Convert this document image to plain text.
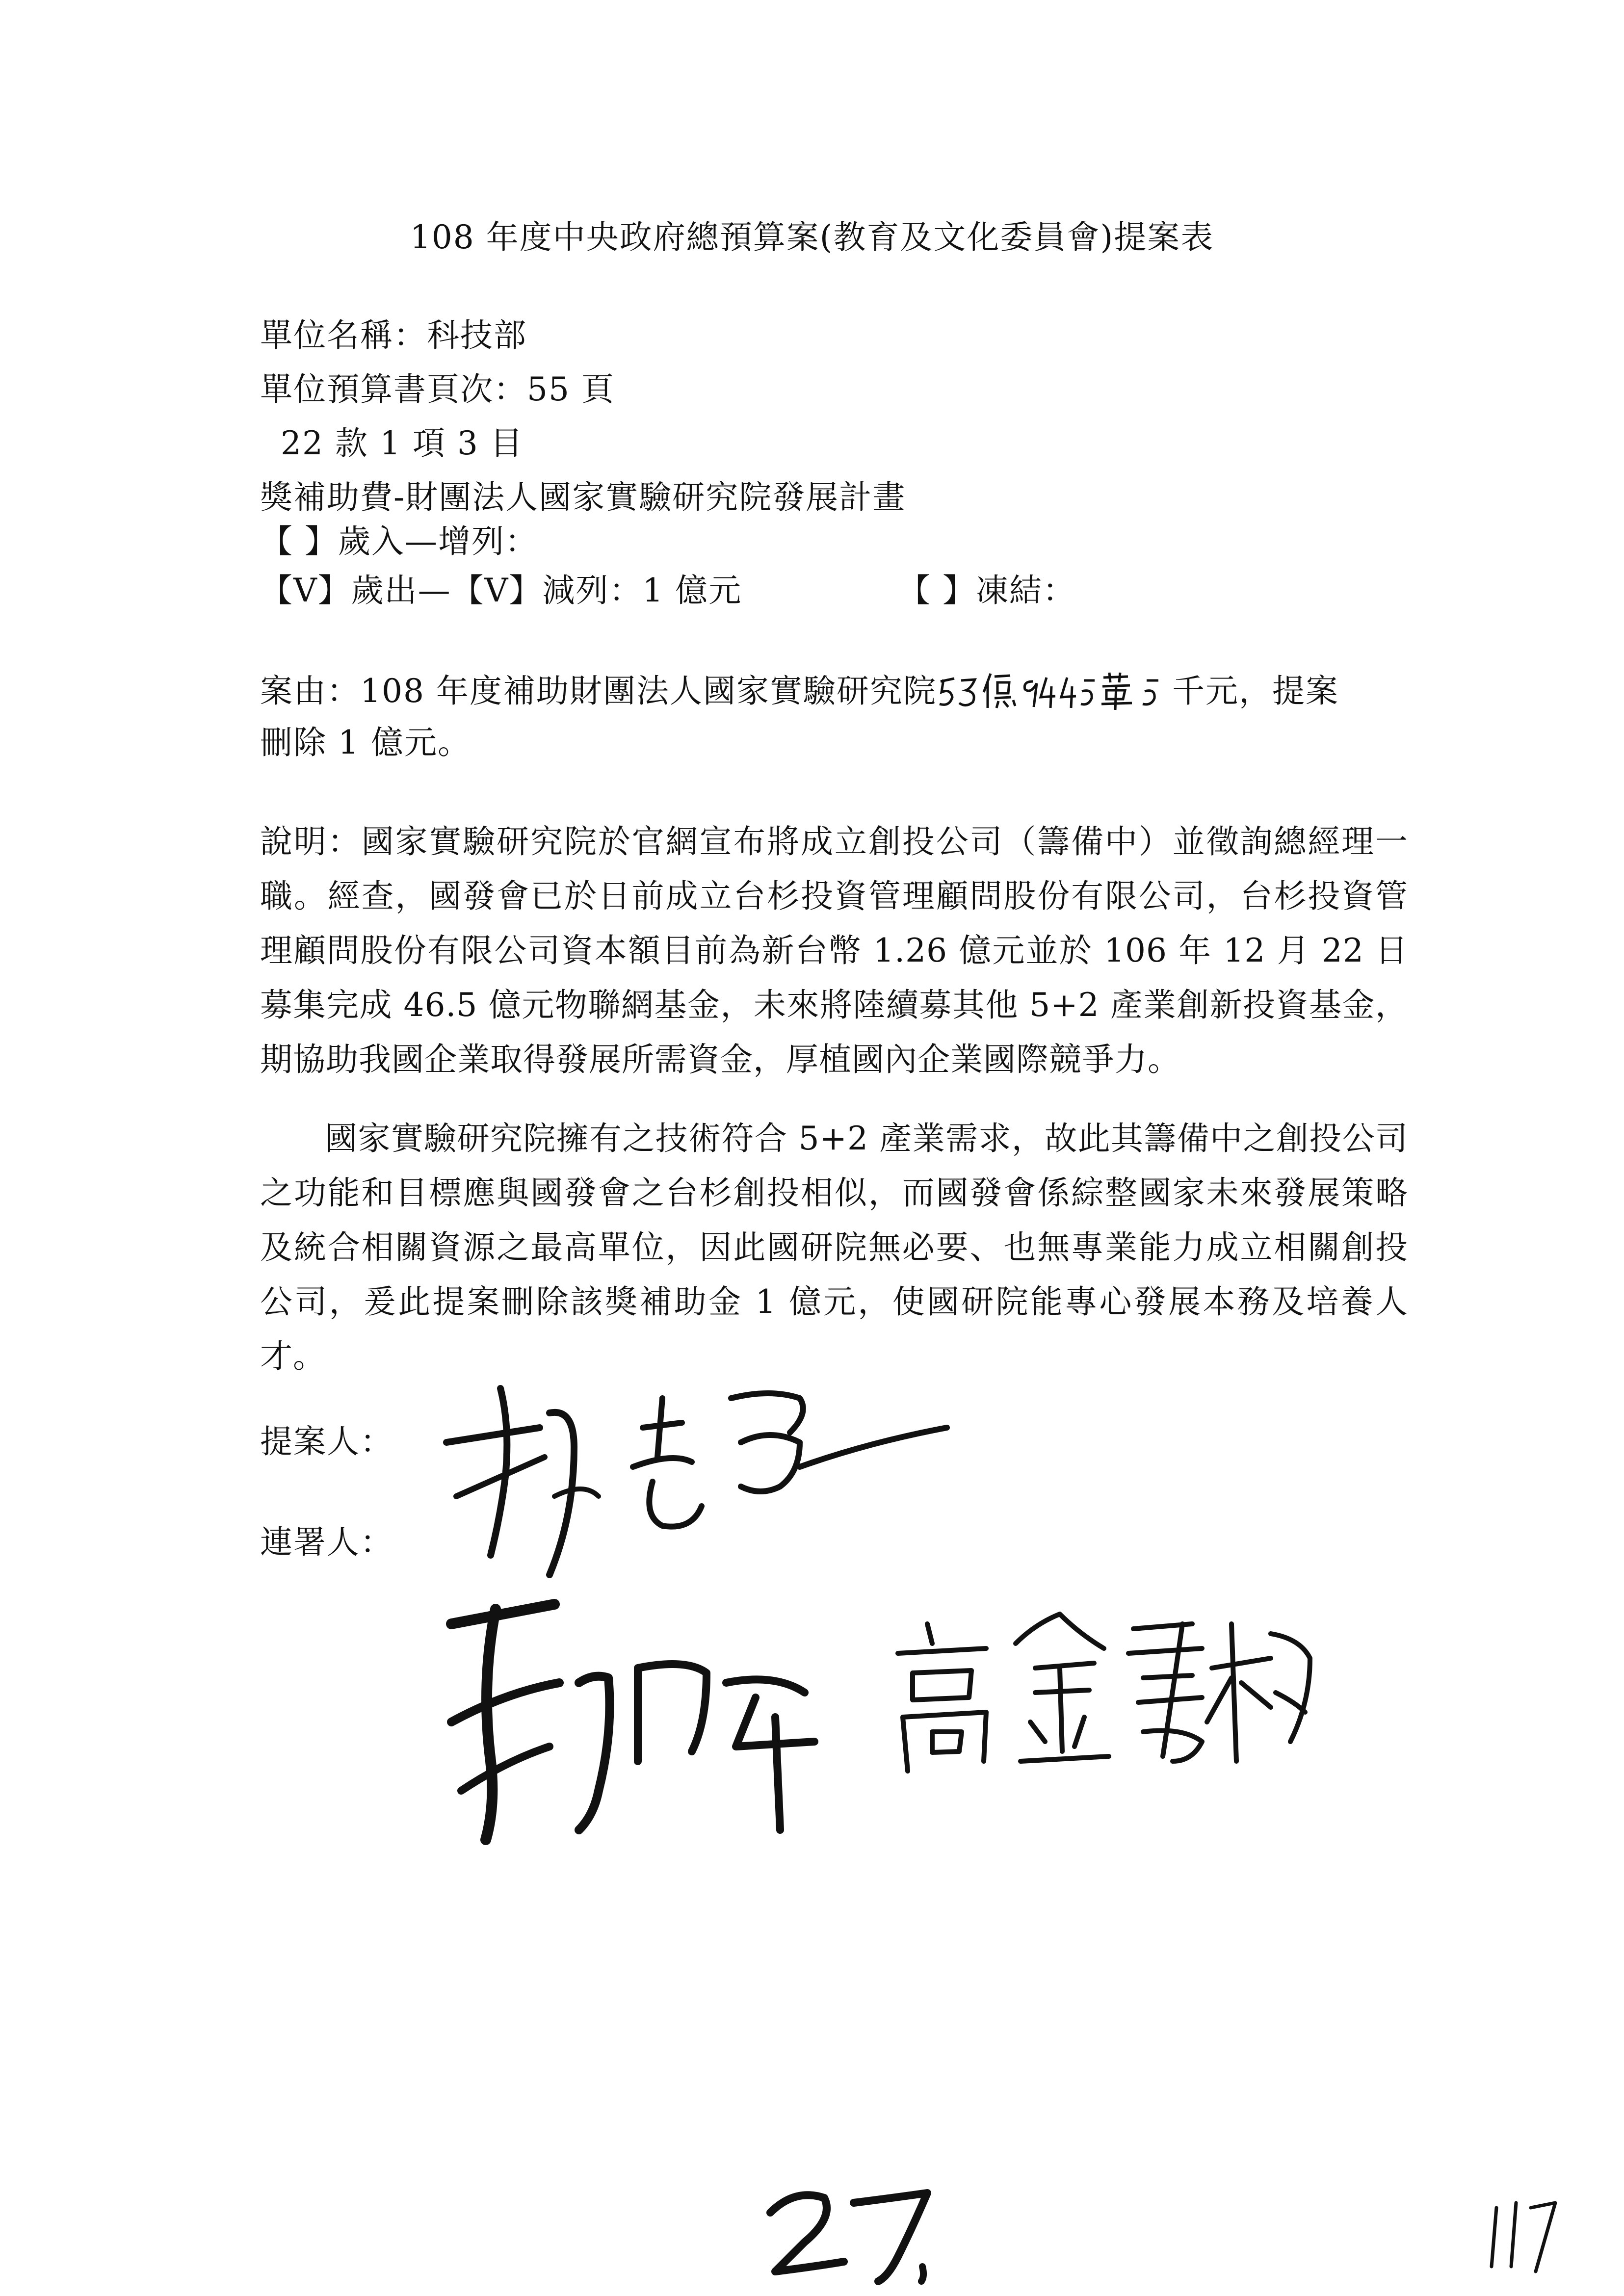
108 年度中央政府總預算案(教育及文化委員會)提案表
單位名稱：科技部
單位預算書頁次：55 頁
22 款 1 項 3 目
獎補助費-財團法人國家實驗研究院發展計畫
【 】歲入—增列：
【V】歲出—【V】減列：1 億元	【 】凍結：
案由：108 年度補助財團法人國家實驗研究院	千元，提案
刪除 1 億元。
說明：國家實驗研究院於官網宣布將成立創投公司（籌備中）並徵詢總經理一職。經查，國發會已於日前成立台杉投資管理顧問股份有限公司，台杉投資管理顧問股份有限公司資本額目前為新台幣 1.26 億元並於 106 年 12 月 22 日募集完成 46.5 億元物聯網基金，未來將陸續募其他 5+2 產業創新投資基金，期協助我國企業取得發展所需資金，厚植國內企業國際競爭力。
國家實驗研究院擁有之技術符合 5+2 產業需求，故此其籌備中之創投公司之功能和目標應與國發會之台杉創投相似，而國發會係綜整國家未來發展策略及統合相關資源之最高單位，因此國研院無必要、也無專業能力成立相關創投公司，爰此提案刪除該獎補助金 1 億元，使國研院能專心發展本務及培養人才。
提案人：
連署人：
